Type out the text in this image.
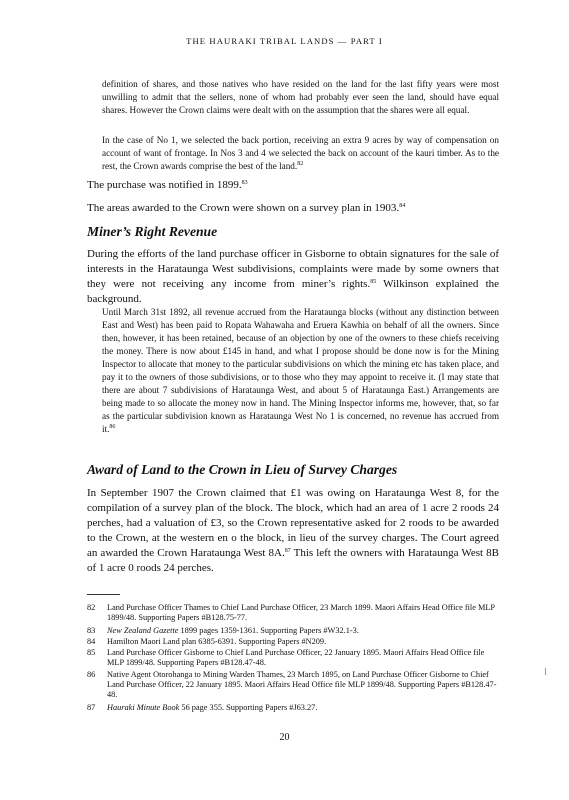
THE HAURAKI TRIBAL LANDS — PART I

definition of shares, and those natives who have resided on the land for the last fifty years were most unwilling to admit that the sellers, none of whom had probably ever seen the land, should have equal shares. However the Crown claims were dealt with on the assumption that the shares were all equal.

In the case of No 1, we selected the back portion, receiving an extra 9 acres by way of compensation on account of want of frontage. In Nos 3 and 4 we selected the back on account of the kauri timber. As to the rest, the Crown awards comprise the best of the land.$^{82}$

The purchase was notified in 1899.83

The areas awarded to the Crown were shown on a survey plan in 1903.84

Miner’s Right Revenue

During the efforts of the land purchase officer in Gisborne to obtain signatures for the sale of interests in the Harataunga West subdivisions, complaints were made by some owners that they were not receiving any income from miner’s rights.$^{85}$ Wilkinson explained the background.

Until March 31st 1892, all revenue accrued from the Harataunga blocks (without any distinction between East and West) has been paid to Ropata Wahawaha and Eruera Kawhia on behalf of all the owners. Since then, however, it has been retained, because of an objection by one of the owners to these chiefs receiving the money. There is now about £145 in hand, and what I propose should be done now is for the Mining Inspector to allocate that money to the particular subdivisions on which the mining etc has taken place, and pay it to the owners of those subdivisions, or to those who they may appoint to receive it. (I may state that there are about 7 subdivisions of Harataunga West, and about 5 of Harataunga East.) Arrangements are being made to so allocate the money now in hand. The Mining Inspector informs me, however, that, so far as the particular subdivision known as Harataunga West No 1 is concerned, no revenue has accrued from it.$^{86}$

Award of Land to the Crown in Lieu of Survey Charges

In September 1907 the Crown claimed that £1 was owing on Harataunga West 8, for the compilation of a survey plan of the block. The block, which had an area of 1 acre 2 roods 24 perches, had a valuation of £3, so the Crown representative asked for 2 roods to be awarded to the Crown, at the western en o the block, in lieu of the survey charges. The Court agreed an awarded the Crown Harataunga West 8A.$^{87}$ This left the owners with Harataunga West 8B of 1 acre 0 roods 24 perches.

82	Land Purchase Officer Thames to Chief Land Purchase Officer, 23 March 1899. Maori Affairs Head Office file MLP 1899/48. Supporting Papers #B128.75-77.
83	New Zealand Gazette 1899 pages 1359-1361. Supporting Papers #W32.1-3.
84	Hamilton Maori Land plan 6385-6391. Supporting Papers #N209.
85	Land Purchase Officer Gisborne to Chief Land Purchase Officer, 22 January 1895. Maori Affairs Head Office file MLP 1899/48. Supporting Papers #B128.47-48.
86	Native Agent Otorohanga to Mining Warden Thames, 23 March 1895, on Land Purchase Officer Gisborne to Chief Land Purchase Officer, 22 January 1895. Maori Affairs Head Office file MLP 1899/48. Supporting Papers #B128.47-48.
87	Hauraki Minute Book 56 page 355. Supporting Papers #J63.27.
20
